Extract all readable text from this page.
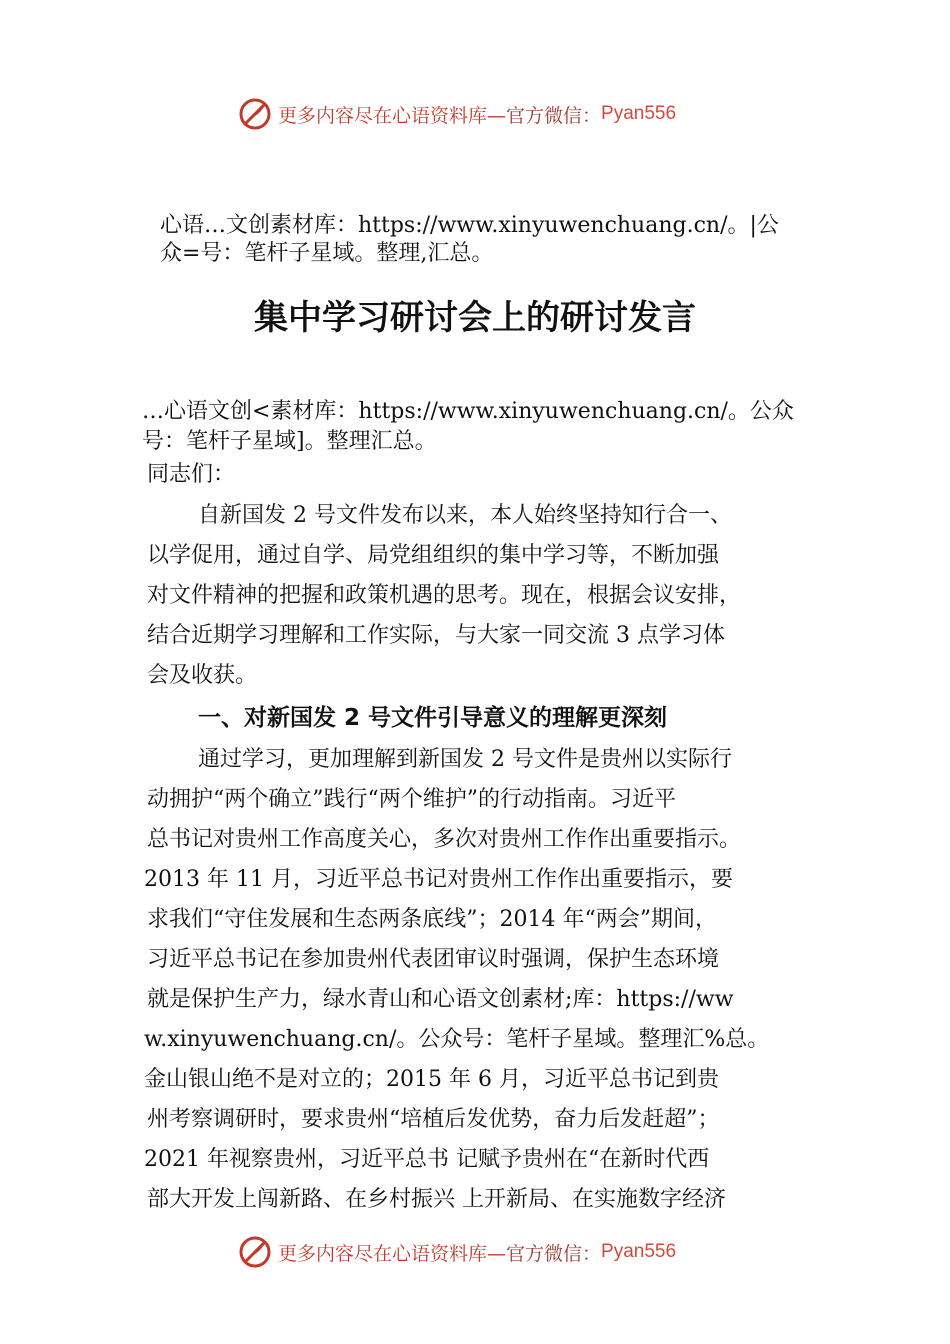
更多内容尽在心语资料库— 官方微信： Pyan556
心语…文创素材库：https://www.xinyuwenchuang.cn/。|公
众=号：笔杆子星域。整理,汇总。
集中学习研讨会上的研讨发言
…心语文创<素材库：https://www.xinyuwenchuang.cn/。公众
号：笔杆子星域]。整理汇总。
同志们：
自新国发 2 号文件发布以来，本人始终坚持知行合一、
以学促用，通过自学、局党组组织的集中学习等，不断加强
对文件精神的把握和政策机遇的思考。现在，根据会议安排，
结合近期学习理解和工作实际，与大家一同交流 3 点学习体
会及收获。
一、对新国发 2 号文件引导意义的理解更深刻
通过学习，更加理解到新国发 2 号文件是贵州以实际行
动拥护“两个确立”践行“两个维护”的行动指南。习近平
总书记对贵州工作高度关心，多次对贵州工作作出重要指示。
2013 年 11 月，习近平总书记对贵州工作作出重要指示，要
求我们“守住发展和生态两条底线”；2014 年“两会”期间，
习近平总书记在参加贵州代表团审议时强调，保护生态环境
就是保护生产力，绿水青山和心语文创素材;库：https://ww
w.xinyuwenchuang.cn/。公众号：笔杆子星域。整理汇%总。
金山银山绝不是对立的；2015 年 6 月，习近平总书记到贵
州考察调研时，要求贵州“培植后发优势，奋力后发赶超”；
2021 年视察贵州，习近平总书 记赋予贵州在“在新时代西
部大开发上闯新路、在乡村振兴 上开新局、在实施数字经济
更多内容尽在心语资料库— 官方微信： Pyan556
